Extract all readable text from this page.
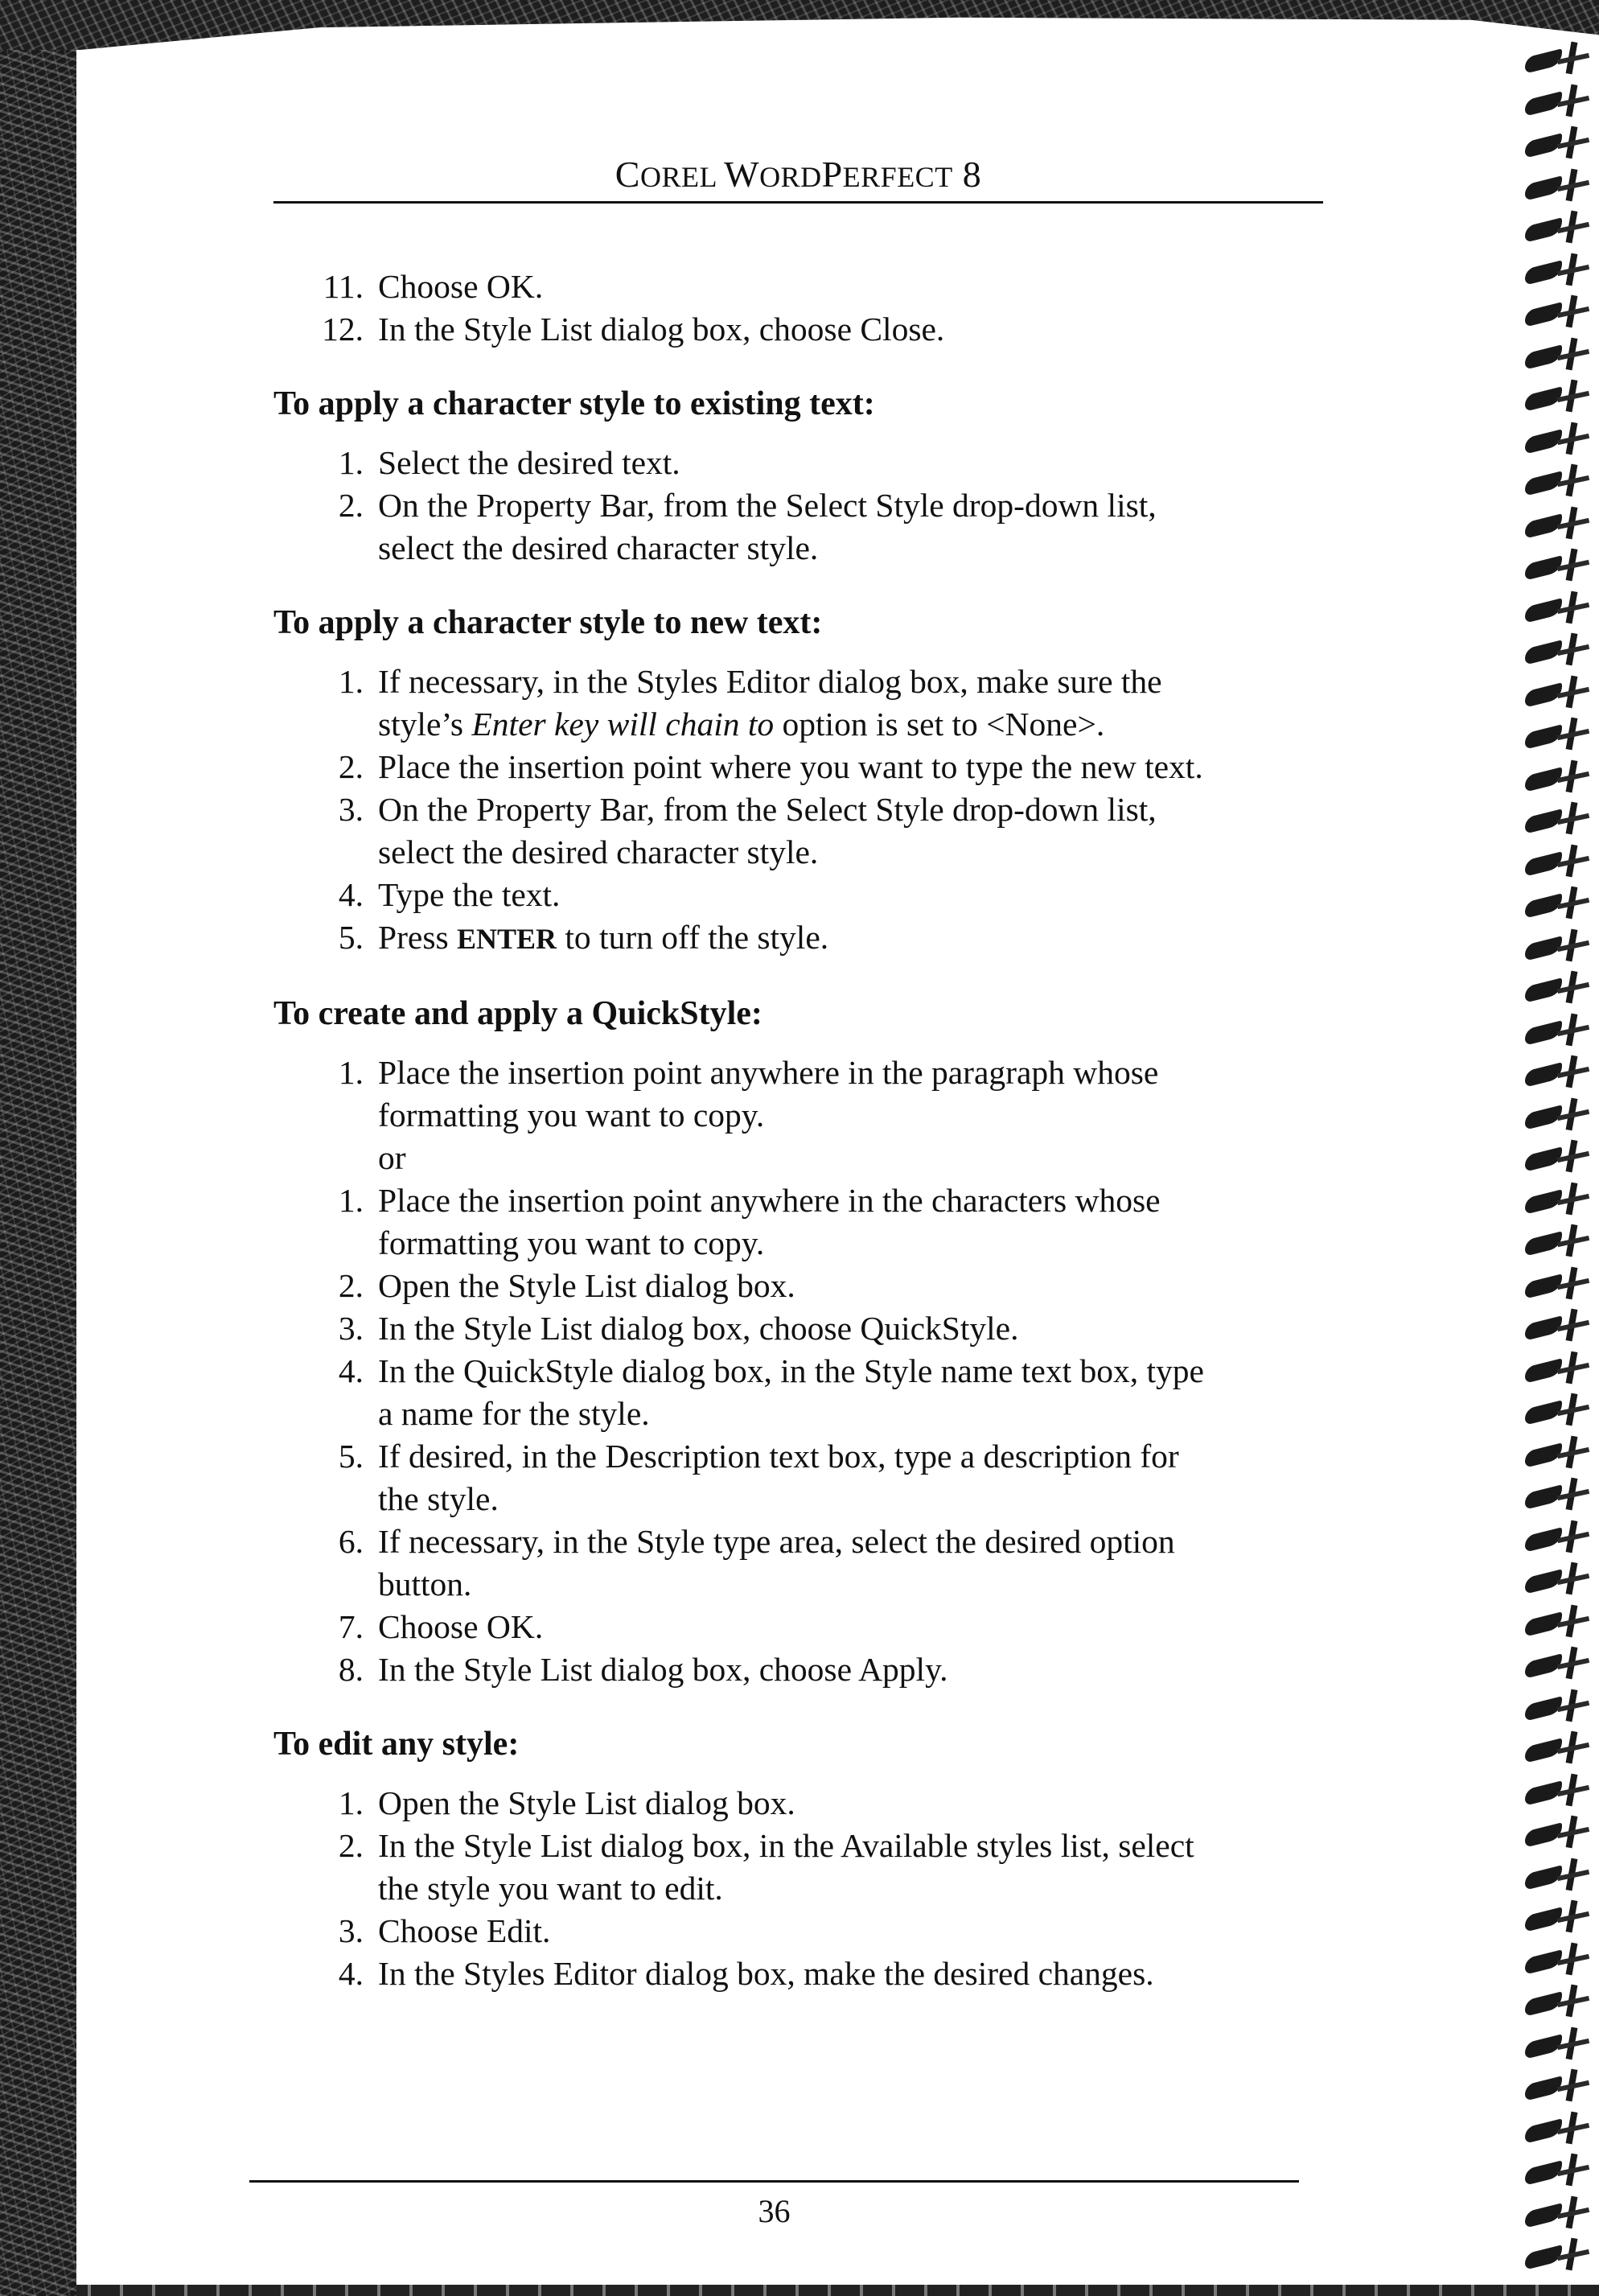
COREL WORDPERFECT 8
11. Choose OK.
12. In the Style List dialog box, choose Close.

To apply a character style to existing text:

1. Select the desired text.
2. On the Property Bar, from the Select Style drop-down list,
select the desired character style.

To apply a character style to new text:

1. If necessary, in the Styles Editor dialog box, make sure the
style’s Enter key will chain to option is set to <None>.
2. Place the insertion point where you want to type the new text.
3. On the Property Bar, from the Select Style drop-down list,
select the desired character style.
4. Type the text.
5. Press ENTER to turn off the style.

To create and apply a QuickStyle:

1. Place the insertion point anywhere in the paragraph whose
formatting you want to copy.
or
1. Place the insertion point anywhere in the characters whose
formatting you want to copy.
2. Open the Style List dialog box.
3. In the Style List dialog box, choose QuickStyle.
4. In the QuickStyle dialog box, in the Style name text box, type
a name for the style.
5. If desired, in the Description text box, type a description for
the style.
6. If necessary, in the Style type area, select the desired option
button.
7. Choose OK.
8. In the Style List dialog box, choose Apply.

To edit any style:

1. Open the Style List dialog box.
2. In the Style List dialog box, in the Available styles list, select
the style you want to edit.
3. Choose Edit.
4. In the Styles Editor dialog box, make the desired changes.
36
